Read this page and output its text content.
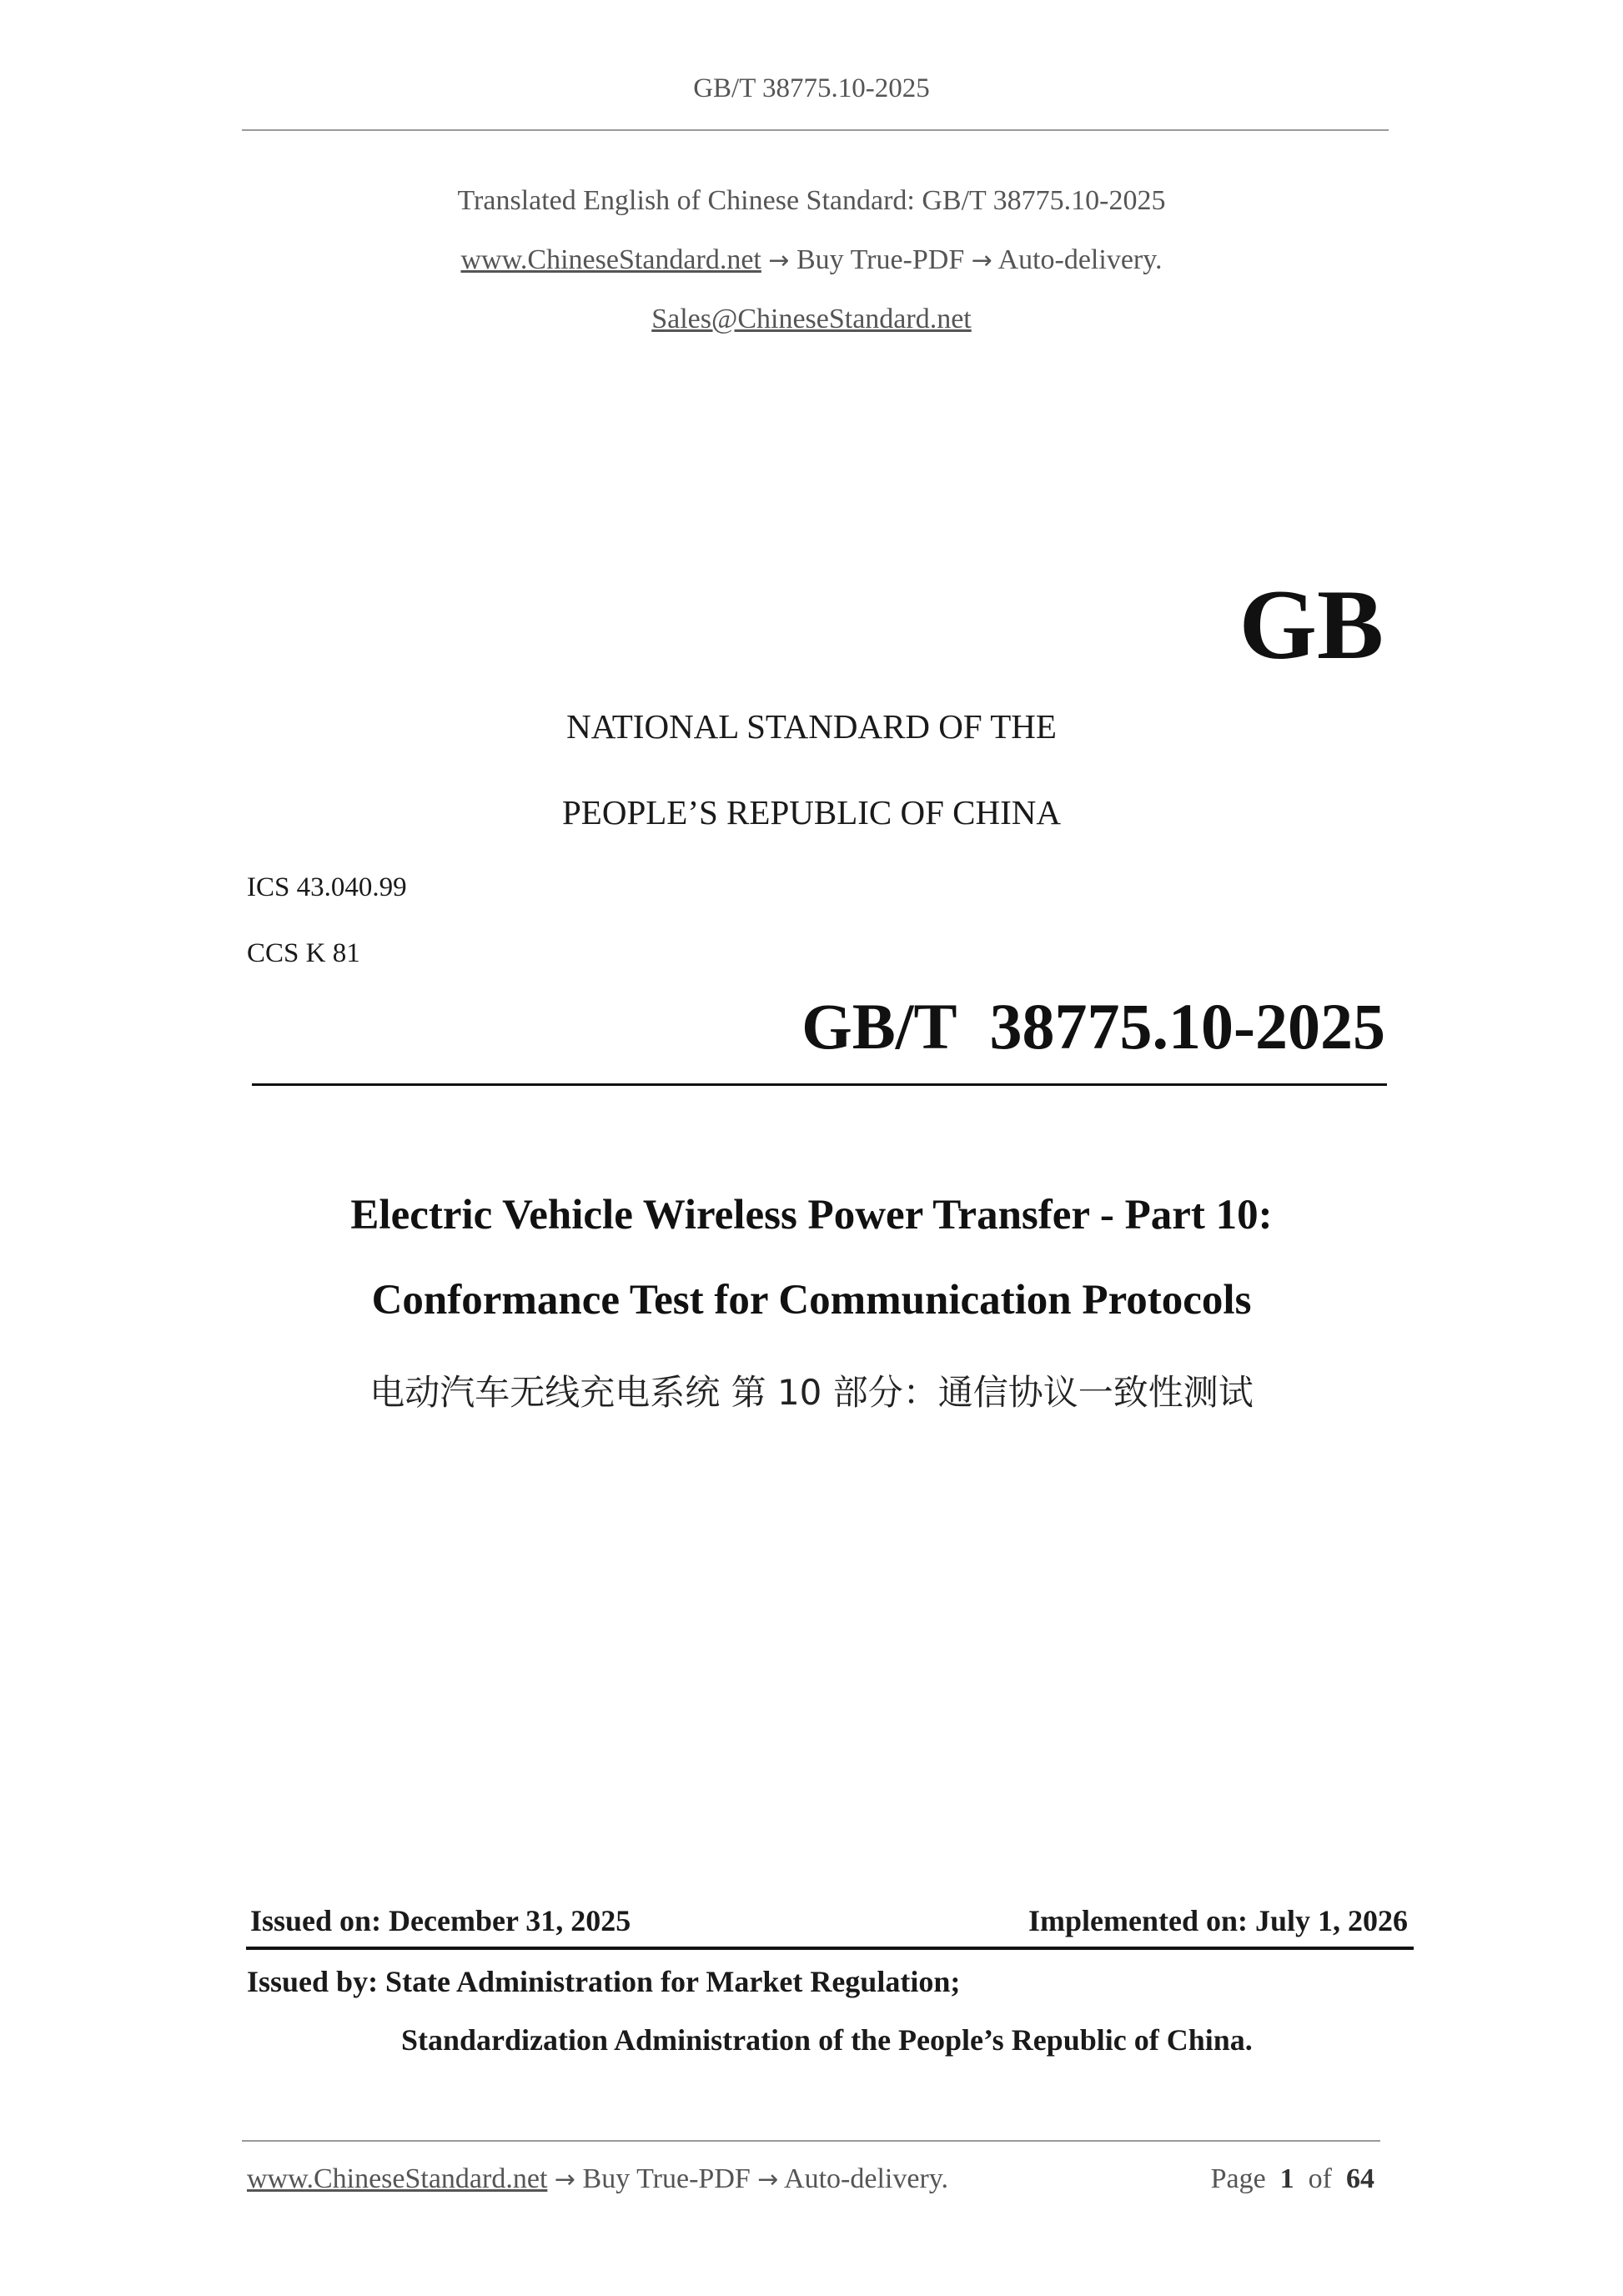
GB/T 38775.10-2025
Translated English of Chinese Standard: GB/T 38775.10-2025
www.ChineseStandard.net → Buy True-PDF → Auto-delivery.
Sales@ChineseStandard.net
GB
NATIONAL STANDARD OF THE
PEOPLE’S REPUBLIC OF CHINA
ICS 43.040.99
CCS K 81
GB/T 38775.10-2025
Electric Vehicle Wireless Power Transfer - Part 10:
Conformance Test for Communication Protocols
电动汽车无线充电系统 第 10 部分：通信协议一致性测试
Issued on: December 31, 2025	Implemented on: July 1, 2026
Issued by: State Administration for Market Regulation;
Standardization Administration of the People’s Republic of China.
www.ChineseStandard.net → Buy True-PDF → Auto-delivery.	Page 1 of 64
